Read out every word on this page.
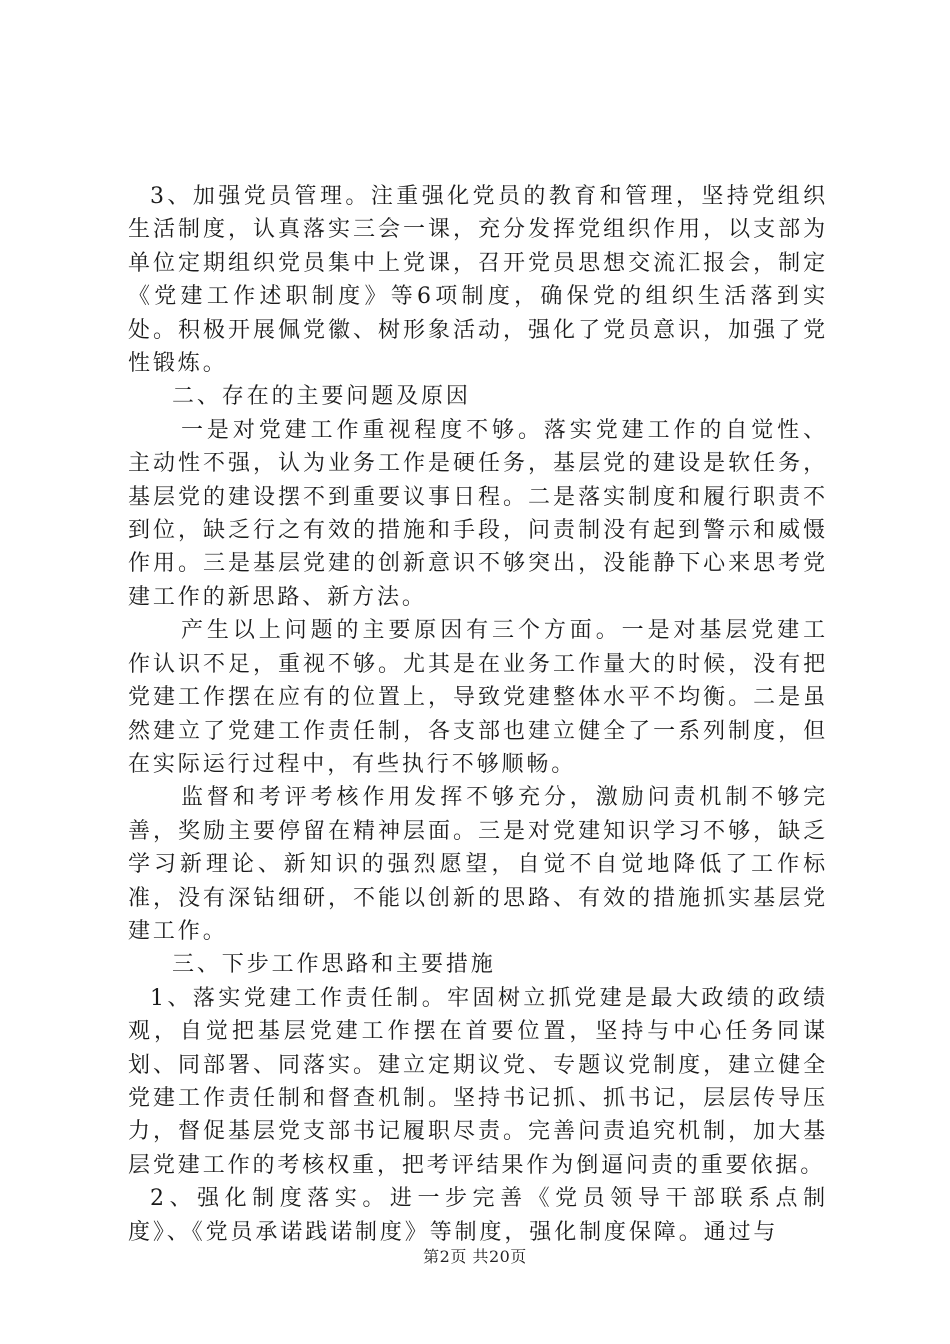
3、加强党员管理。注重强化党员的教育和管理，坚持党组织生活制度，认真落实三会一课，充分发挥党组织作用，以支部为单位定期组织党员集中上党课，召开党员思想交流汇报会，制定《党建工作述职制度》等6项制度，确保党的组织生活落到实处。积极开展佩党徽、树形象活动，强化了党员意识，加强了党性锻炼。

二、存在的主要问题及原因

一是对党建工作重视程度不够。落实党建工作的自觉性、主动性不强，认为业务工作是硬任务，基层党的建设是软任务，基层党的建设摆不到重要议事日程。二是落实制度和履行职责不到位，缺乏行之有效的措施和手段，问责制没有起到警示和威慑作用。三是基层党建的创新意识不够突出，没能静下心来思考党建工作的新思路、新方法。

产生以上问题的主要原因有三个方面。一是对基层党建工作认识不足，重视不够。尤其是在业务工作量大的时候，没有把党建工作摆在应有的位置上，导致党建整体水平不均衡。二是虽然建立了党建工作责任制，各支部也建立健全了一系列制度，但在实际运行过程中，有些执行不够顺畅。

监督和考评考核作用发挥不够充分，激励问责机制不够完善，奖励主要停留在精神层面。三是对党建知识学习不够，缺乏学习新理论、新知识的强烈愿望，自觉不自觉地降低了工作标准，没有深钻细研，不能以创新的思路、有效的措施抓实基层党建工作。

三、下步工作思路和主要措施

1、落实党建工作责任制。牢固树立抓党建是最大政绩的政绩观，自觉把基层党建工作摆在首要位置，坚持与中心任务同谋划、同部署、同落实。建立定期议党、专题议党制度，建立健全党建工作责任制和督查机制。坚持书记抓、抓书记，层层传导压力，督促基层党支部书记履职尽责。完善问责追究机制，加大基层党建工作的考核权重，把考评结果作为倒逼问责的重要依据。

2、强化制度落实。进一步完善《党员领导干部联系点制度》、《党员承诺践诺制度》等制度，强化制度保障。通过与

第2页 共20页
